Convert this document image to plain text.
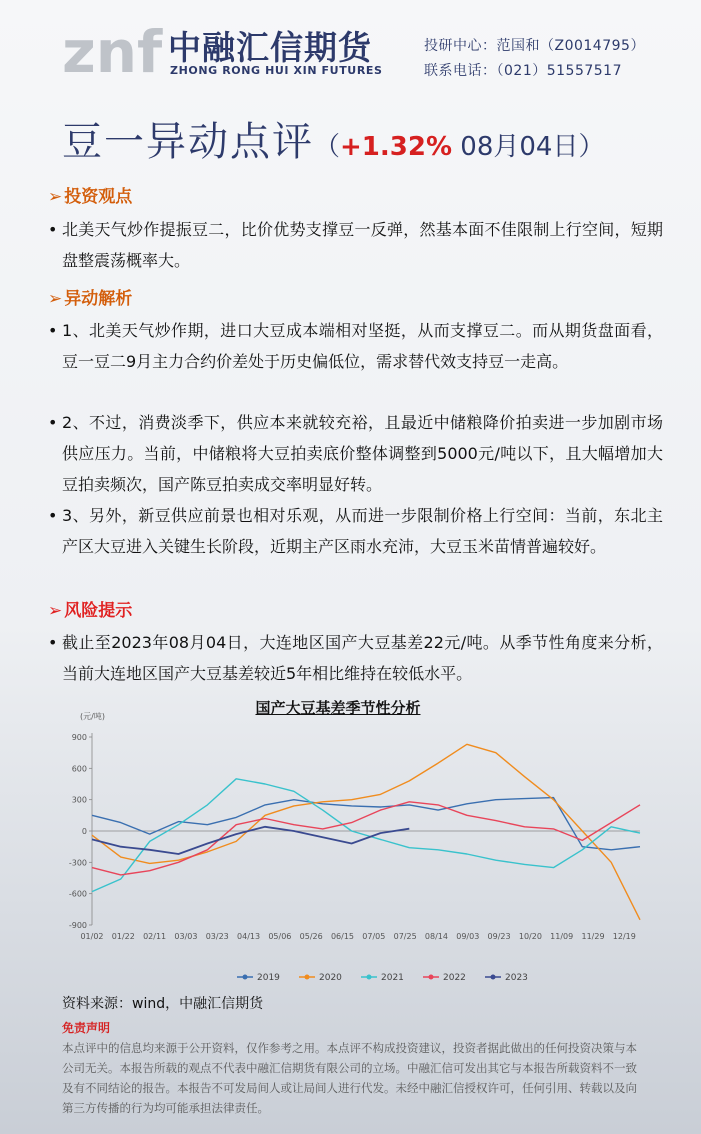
znf 中融汇信期货
ZHONG RONG HUI XIN FUTURES
投研中心：范国和（Z0014795）
联系电话：（021）51557517
豆一异动点评（+1.32% 08月04日）
➢ 投资观点
• 北美天气炒作提振豆二，比价优势支撑豆一反弹，然基本面不佳限制上行空间，短期盘整震荡概率大。
➢ 异动解析
• 1、北美天气炒作期，进口大豆成本端相对坚挺，从而支撑豆二。而从期货盘面看，豆一豆二9月主力合约价差处于历史偏低位，需求替代效支持豆一走高。
• 2、不过，消费淡季下，供应本来就较充裕，且最近中储粮降价拍卖进一步加剧市场供应压力。当前，中储粮将大豆拍卖底价整体调整到5000元/吨以下，且大幅增加大豆拍卖频次，国产陈豆拍卖成交率明显好转。
• 3、另外，新豆供应前景也相对乐观，从而进一步限制价格上行空间：当前，东北主产区大豆进入关键生长阶段，近期主产区雨水充沛，大豆玉米苗情普遍较好。
➢ 风险提示
• 截止至2023年08月04日，大连地区国产大豆基差22元/吨。从季节性角度来分析，当前大连地区国产大豆基差较近5年相比维持在较低水平。
国产大豆基差季节性分析
(元/吨)
900
600
300
0
-300
-600
-900
01/02 01/22 02/11 03/03 03/23 04/13 05/06 05/26 06/15 07/05 07/25 08/14 09/03 09/23 10/20 11/09 11/29 12/19
2019	2020	2021	2022	2023
资料来源：wind，中融汇信期货
免责声明
本点评中的信息均来源于公开资料，仅作参考之用。本点评不构成投资建议，投资者据此做出的任何投资决策与本公司无关。本报告所载的观点不代表中融汇信期货有限公司的立场。中融汇信可发出其它与本报告所载资料不一致及有不同结论的报告。本报告不可发局间人或让局间人进行代发。未经中融汇信授权许可，任何引用、转载以及向第三方传播的行为均可能承担法律责任。
